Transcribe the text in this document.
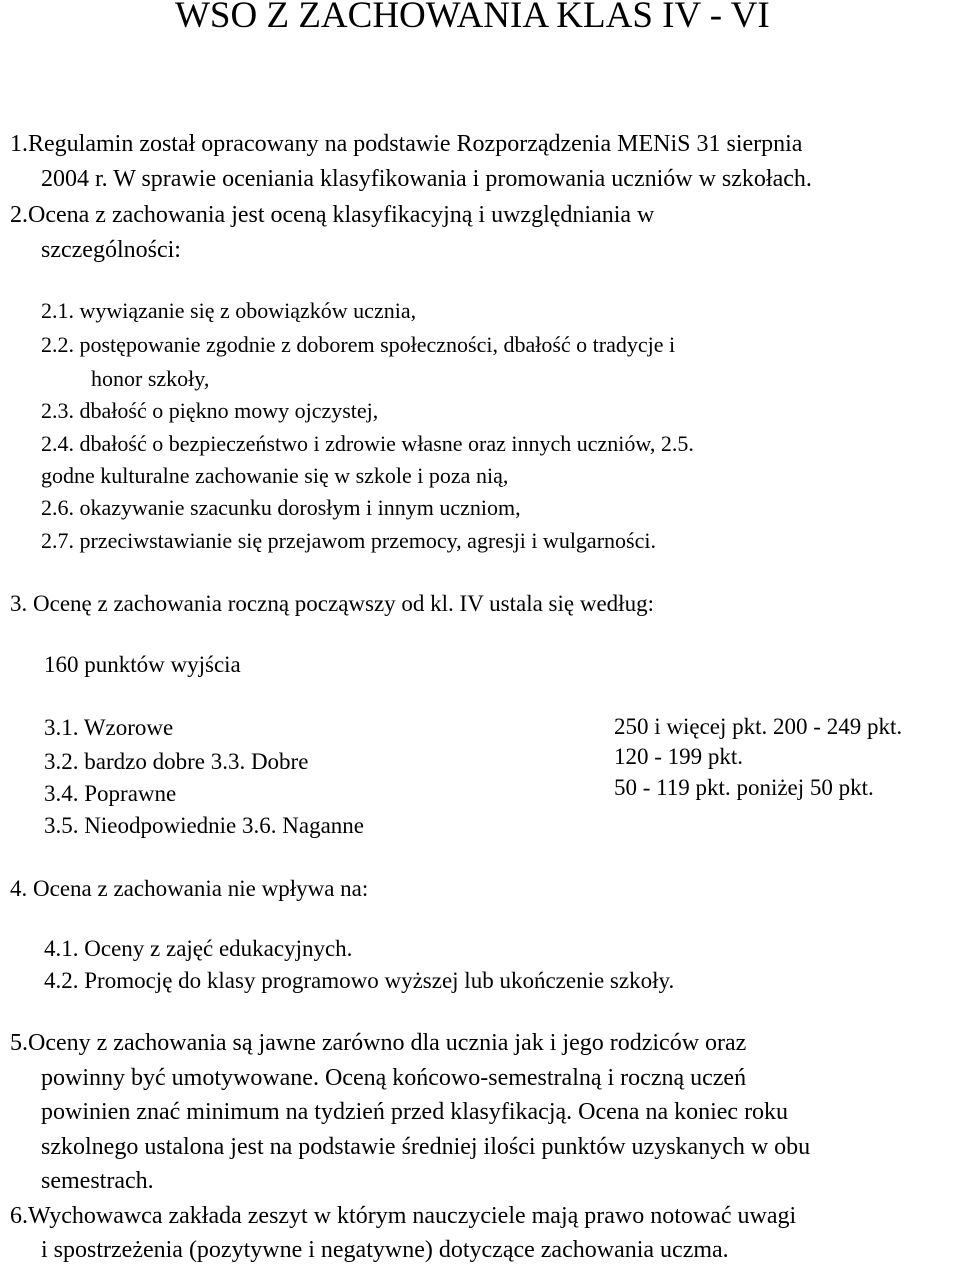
WSO Z ZACHOWANIA KLAS IV - VI
1.Regulamin został opracowany na podstawie Rozporządzenia MENiS 31 sierpnia
2004 r. W sprawie oceniania klasyfikowania i promowania uczniów w szkołach.
2.Ocena z zachowania jest oceną klasyfikacyjną i uwzględniania w
szczególności:
2.1. wywiązanie się z obowiązków ucznia,
2.2. postępowanie zgodnie z doborem społeczności, dbałość o tradycje i
honor szkoły,
2.3. dbałość o piękno mowy ojczystej,
2.4. dbałość o bezpieczeństwo i zdrowie własne oraz innych uczniów, 2.5.
godne kulturalne zachowanie się w szkole i poza nią,
2.6. okazywanie szacunku dorosłym i innym uczniom,
2.7. przeciwstawianie się przejawom przemocy, agresji i wulgarności.
3. Ocenę z zachowania roczną począwszy od kl. IV ustala się według:
160 punktów wyjścia
3.1. Wzorowe
3.2. bardzo dobre 3.3. Dobre
3.4. Poprawne
3.5. Nieodpowiednie 3.6. Naganne
250 i więcej pkt. 200 - 249 pkt.
120 - 199 pkt.
50 - 119 pkt. poniżej 50 pkt.
4. Ocena z zachowania nie wpływa na:
4.1. Oceny z zajęć edukacyjnych.
4.2. Promocję do klasy programowo wyższej lub ukończenie szkoły.
5.Oceny z zachowania są jawne zarówno dla ucznia jak i jego rodziców oraz
powinny być umotywowane. Oceną końcowo-semestralną i roczną uczeń
powinien znać minimum na tydzień przed klasyfikacją. Ocena na koniec roku
szkolnego ustalona jest na podstawie średniej ilości punktów uzyskanych w obu
semestrach.
6.Wychowawca zakłada zeszyt w którym nauczyciele mają prawo notować uwagi
i spostrzeżenia (pozytywne i negatywne) dotyczące zachowania uczma.
